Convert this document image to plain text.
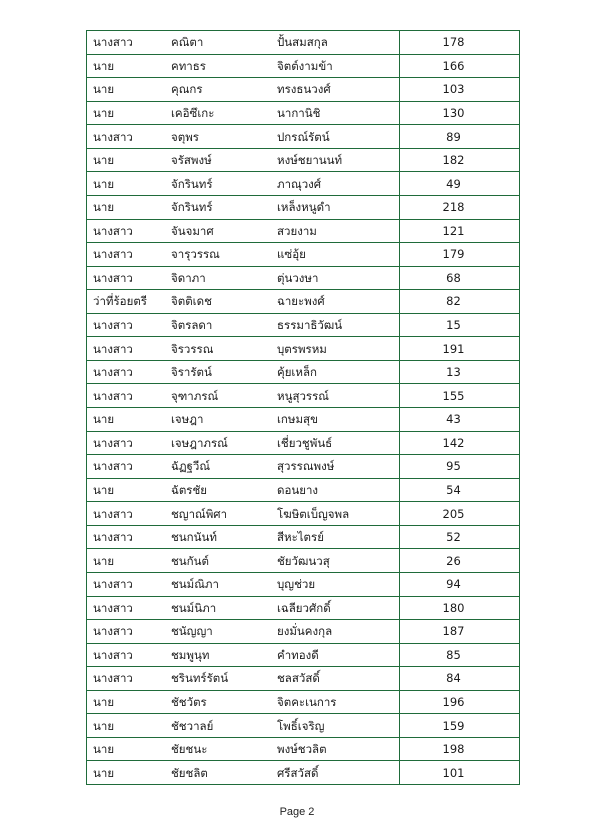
นางสาว	คณิตา	ปั้นสมสกุล	178
นาย	คทาธร	จิตต์งามข้า	166
นาย	คุณกร	ทรงธนวงศ์	103
นาย	เคอิซึเกะ	นากานิชิ	130
นางสาว	จตุพร	ปกรณ์รัตน์	89
นาย	จรัสพงษ์	หงษ์ชยานนท์	182
นาย	จักรินทร์	ภาณุวงศ์	49
นาย	จักรินทร์	เหล็งหนูดำ	218
นางสาว	จันจมาศ	สวยงาม	121
นางสาว	จารุวรรณ	แซ่อุ้ย	179
นางสาว	จิดาภา	ตุ่นวงษา	68
ว่าที่ร้อยตรี	จิตติเดช	ฉายะพงศ์	82
นางสาว	จิตรลดา	ธรรมาธิวัฒน์	15
นางสาว	จิรวรรณ	บุตรพรหม	191
นางสาว	จิรารัตน์	คุ้ยเหล็ก	13
นางสาว	จุฑาภรณ์	หนูสุวรรณ์	155
นาย	เจษฎา	เกษมสุข	43
นางสาว	เจษฎาภรณ์	เชี่ยวชูพันธ์	142
นางสาว	ฉัฏฐวีณ์	สุวรรณพงษ์	95
นาย	ฉัตรชัย	ดอนยาง	54
นางสาว	ชญาณ์พิศา	โฆษิตเบ็ญจพล	205
นางสาว	ชนกนันท์	สีหะไตรย์	52
นาย	ชนกันต์	ชัยวัฒนวสุ	26
นางสาว	ชนม์ณิภา	บุญช่วย	94
นางสาว	ชนม์นิภา	เฉลียวศักดิ์	180
นางสาว	ชนัญญา	ยงมั่นคงกุล	187
นางสาว	ชมพูนุท	คำทองดี	85
นางสาว	ชรินทร์รัตน์	ชลสวัสดิ์	84
นาย	ชัชวัตร	จิตคะเนการ	196
นาย	ชัชวาลย์	โพธิ์เจริญ	159
นาย	ชัยชนะ	พงษ์ชวลิต	198
นาย	ชัยชลิต	ศรีสวัสดิ์	101
Page 2
